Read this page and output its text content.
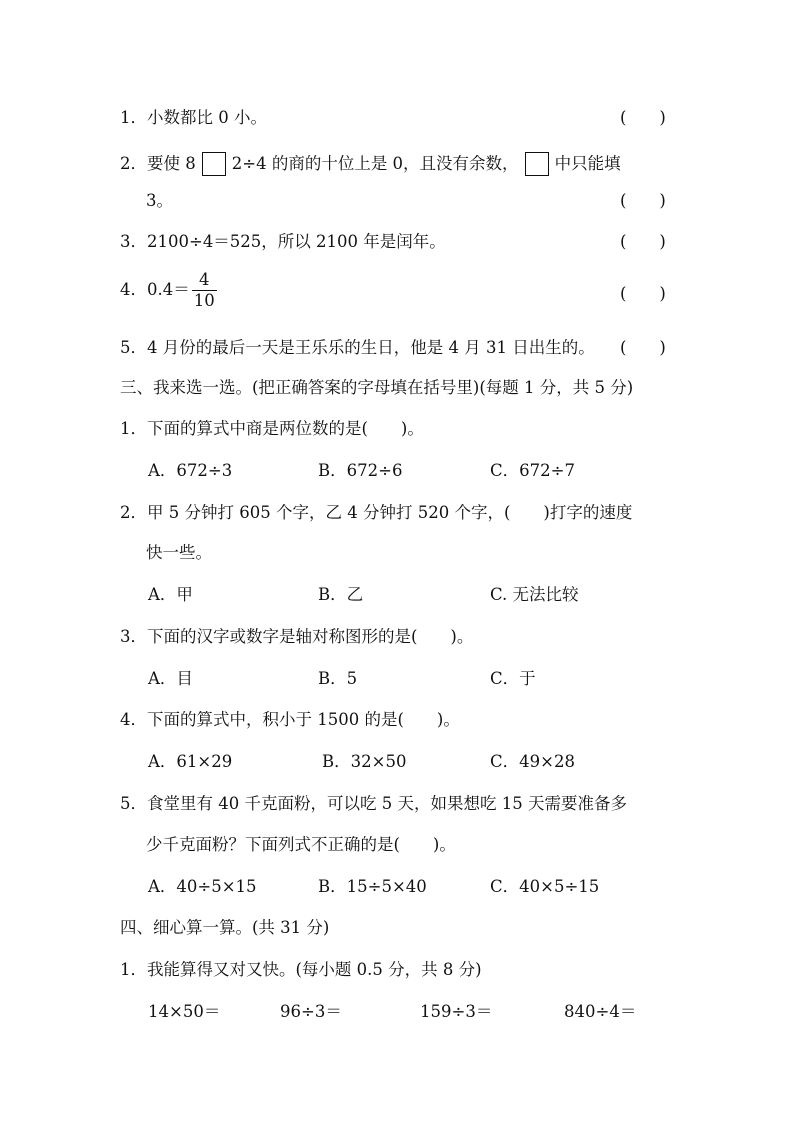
1．小数都比 0 小。	(　　)
2．要使 8 2÷4 的商的十位上是 0，且没有余数， 中只能填
3。	(　　)
3．2100÷4＝525，所以 2100 年是闰年。	(　　)
4．$0.4= \frac{4}{10}$	(　　)
5．4 月份的最后一天是王乐乐的生日，他是 4 月 31 日出生的。 (　　)
三、我来选一选。(把正确答案的字母填在括号里)(每题 1 分，共 5 分)
1．下面的算式中商是两位数的是(　　)。
A．672÷3	B．672÷6	C．672÷7
2．甲 5 分钟打 605 个字，乙 4 分钟打 520 个字，(　　)打字的速度
快一些。
A．甲	B．乙	C. 无法比较
3．下面的汉字或数字是轴对称图形的是(　　)。
A．目	B．5	C．于
4．下面的算式中，积小于 1500 的是(　　)。
A．61×29	B．32×50	C．49×28
5．食堂里有 40 千克面粉，可以吃 5 天，如果想吃 15 天需要准备多
少千克面粉？下面列式不正确的是(　　)。
A．40÷5×15	B．15÷5×40	C．40×5÷15
四、细心算一算。(共 31 分)
1．我能算得又对又快。(每小题 0.5 分，共 8 分)
14×50＝	96÷3＝	159÷3＝	840÷4＝
